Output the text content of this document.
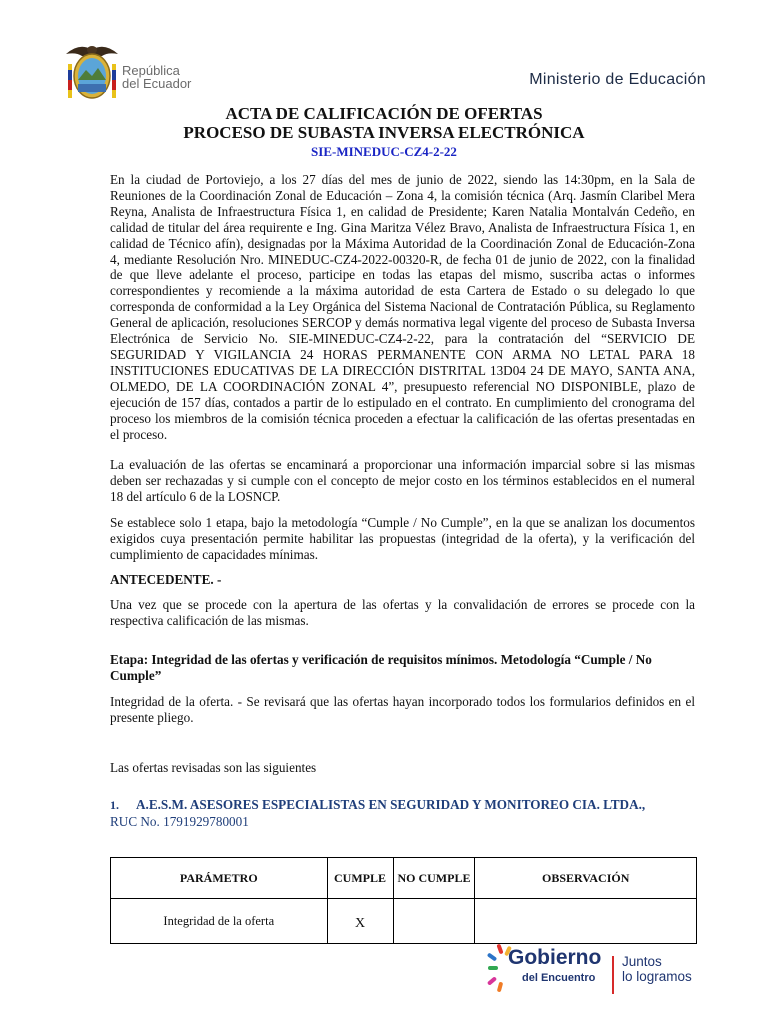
República
del Ecuador	Ministerio de Educación
ACTA DE CALIFICACIÓN DE OFERTAS
PROCESO DE SUBASTA INVERSA ELECTRÓNICA
SIE-MINEDUC-CZ4-2-22

En la ciudad de Portoviejo, a los 27 días del mes de junio de 2022, siendo las 14:30pm, en la Sala de Reuniones de la Coordinación Zonal de Educación – Zona 4, la comisión técnica (Arq. Jasmín Claribel Mera Reyna, Analista de Infraestructura Física 1, en calidad de Presidente; Karen Natalia Montalván Cedeño, en calidad de titular del área requirente e Ing. Gina Maritza Vélez Bravo, Analista de Infraestructura Física 1, en calidad de Técnico afín), designadas por la Máxima Autoridad de la Coordinación Zonal de Educación-Zona 4, mediante Resolución Nro. MINEDUC-CZ4-2022-00320-R, de fecha 01 de junio de 2022, con la finalidad de que lleve adelante el proceso, participe en todas las etapas del mismo, suscriba actas o informes correspondientes y recomiende a la máxima autoridad de esta Cartera de Estado o su delegado lo que corresponda de conformidad a la Ley Orgánica del Sistema Nacional de Contratación Pública, su Reglamento General de aplicación, resoluciones SERCOP y demás normativa legal vigente del proceso de Subasta Inversa Electrónica de Servicio No. SIE-MINEDUC-CZ4-2-22, para la contratación del “SERVICIO DE SEGURIDAD Y VIGILANCIA 24 HORAS PERMANENTE CON ARMA NO LETAL PARA 18 INSTITUCIONES EDUCATIVAS DE LA DIRECCIÓN DISTRITAL 13D04 24 DE MAYO, SANTA ANA, OLMEDO, DE LA COORDINACIÓN ZONAL 4”, presupuesto referencial NO DISPONIBLE, plazo de ejecución de 157 días, contados a partir de lo estipulado en el contrato. En cumplimiento del cronograma del proceso los miembros de la comisión técnica proceden a efectuar la calificación de las ofertas presentadas en el proceso.

La evaluación de las ofertas se encaminará a proporcionar una información imparcial sobre si las mismas deben ser rechazadas y si cumple con el concepto de mejor costo en los términos establecidos en el numeral 18 del artículo 6 de la LOSNCP.

Se establece solo 1 etapa, bajo la metodología “Cumple / No Cumple”, en la que se analizan los documentos exigidos cuya presentación permite habilitar las propuestas (integridad de la oferta), y la verificación del cumplimiento de capacidades mínimas.

ANTECEDENTE. -

Una vez que se procede con la apertura de las ofertas y la convalidación de errores se procede con la respectiva calificación de las mismas.

Etapa: Integridad de las ofertas y verificación de requisitos mínimos. Metodología “Cumple / No Cumple”

Integridad de la oferta. - Se revisará que las ofertas hayan incorporado todos los formularios definidos en el presente pliego.

Las ofertas revisadas son las siguientes

1. A.E.S.M. ASESORES ESPECIALISTAS EN SEGURIDAD Y MONITOREO CIA. LTDA.,
RUC No. 1791929780001
PARÁMETRO	CUMPLE	NO CUMPLE	OBSERVACIÓN
Integridad de la oferta	X		
Gobierno
del Encuentro
Juntos
lo logramos
